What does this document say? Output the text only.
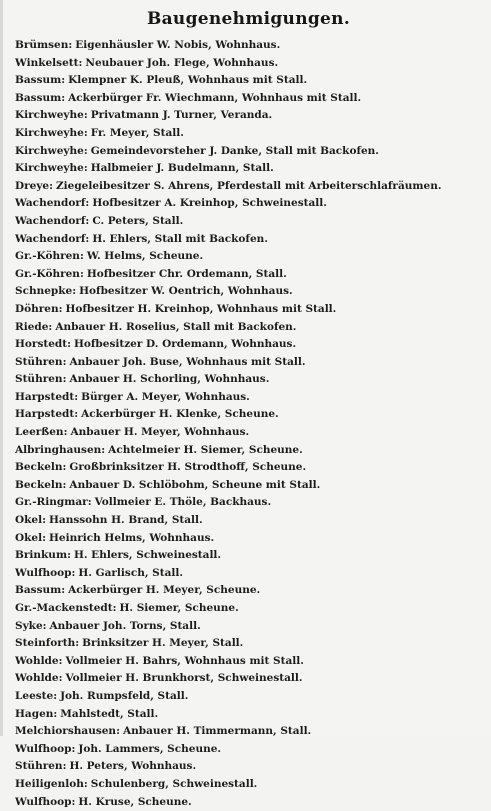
Baugenehmigungen.
Brümsen: Eigenhäusler W. Nobis, Wohnhaus.
Winkelsett: Neubauer Joh. Flege, Wohnhaus.
Bassum: Klempner K. Pleuß, Wohnhaus mit Stall.
Bassum: Ackerbürger Fr. Wiechmann, Wohnhaus mit Stall.
Kirchweyhe: Privatmann J. Turner, Veranda.
Kirchweyhe: Fr. Meyer, Stall.
Kirchweyhe: Gemeindevorsteher J. Danke, Stall mit Backofen.
Kirchweyhe: Halbmeier J. Budelmann, Stall.
Dreye: Ziegeleibesitzer S. Ahrens, Pferdestall mit Arbeiterschlafräumen.
Wachendorf: Hofbesitzer A. Kreinhop, Schweinestall.
Wachendorf: C. Peters, Stall.
Wachendorf: H. Ehlers, Stall mit Backofen.
Gr.-Köhren: W. Helms, Scheune.
Gr.-Köhren: Hofbesitzer Chr. Ordemann, Stall.
Schnepke: Hofbesitzer W. Oentrich, Wohnhaus.
Döhren: Hofbesitzer H. Kreinhop, Wohnhaus mit Stall.
Riede: Anbauer H. Roselius, Stall mit Backofen.
Horstedt: Hofbesitzer D. Ordemann, Wohnhaus.
Stühren: Anbauer Joh. Buse, Wohnhaus mit Stall.
Stühren: Anbauer H. Schorling, Wohnhaus.
Harpstedt: Bürger A. Meyer, Wohnhaus.
Harpstedt: Ackerbürger H. Klenke, Scheune.
Leerßen: Anbauer H. Meyer, Wohnhaus.
Albringhausen: Achtelmeier H. Siemer, Scheune.
Beckeln: Großbrinksitzer H. Strodthoff, Scheune.
Beckeln: Anbauer D. Schlöbohm, Scheune mit Stall.
Gr.-Ringmar: Vollmeier E. Thöle, Backhaus.
Okel: Hanssohn H. Brand, Stall.
Okel: Heinrich Helms, Wohnhaus.
Brinkum: H. Ehlers, Schweinestall.
Wulfhoop: H. Garlisch, Stall.
Bassum: Ackerbürger H. Meyer, Scheune.
Gr.-Mackenstedt: H. Siemer, Scheune.
Syke: Anbauer Joh. Torns, Stall.
Steinforth: Brinksitzer H. Meyer, Stall.
Wohlde: Vollmeier H. Bahrs, Wohnhaus mit Stall.
Wohlde: Vollmeier H. Brunkhorst, Schweinestall.
Leeste: Joh. Rumpsfeld, Stall.
Hagen: Mahlstedt, Stall.
Melchiorshausen: Anbauer H. Timmermann, Stall.
Wulfhoop: Joh. Lammers, Scheune.
Stühren: H. Peters, Wohnhaus.
Heiligenloh: Schulenberg, Schweinestall.
Wulfhoop: H. Kruse, Scheune.
